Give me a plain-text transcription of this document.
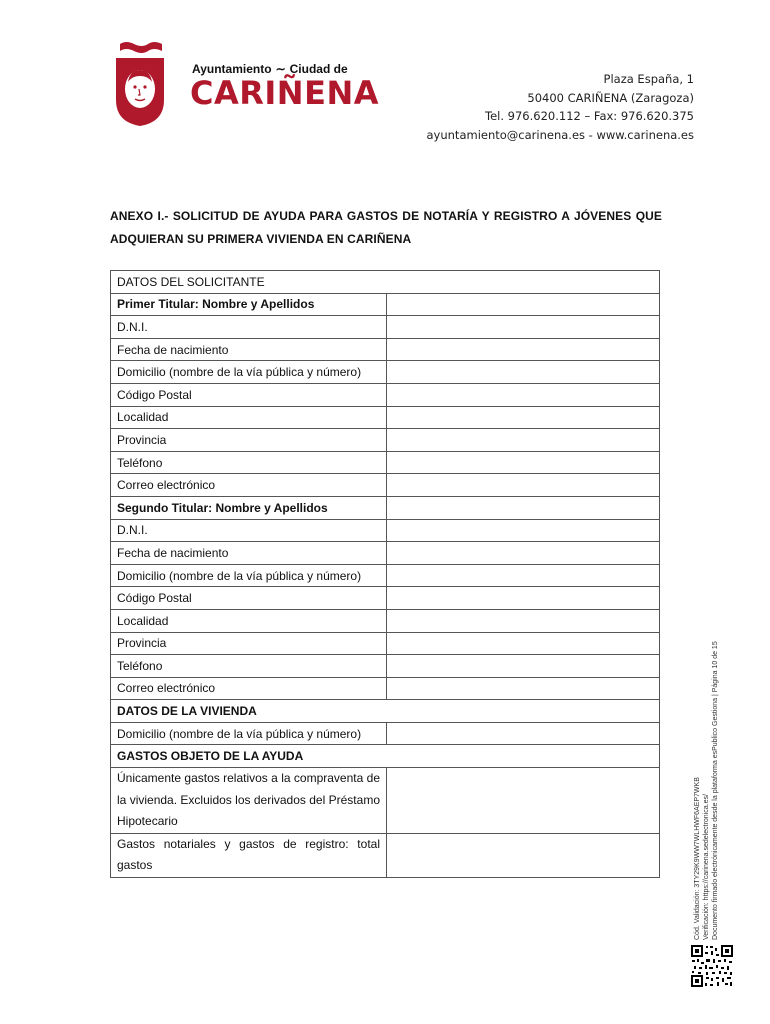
Ayuntamiento ∼ Ciudad de
CARIÑENA	Plaza España, 1
50400 CARIÑENA (Zaragoza)
Tel. 976.620.112 – Fax: 976.620.375
ayuntamiento@carinena.es - www.carinena.es
ANEXO I.- SOLICITUD DE AYUDA PARA GASTOS DE NOTARÍA Y REGISTRO A JÓVENES QUE ADQUIERAN SU PRIMERA VIVIENDA EN CARIÑENA
DATOS DEL SOLICITANTE	
Primer Titular: Nombre y Apellidos	
D.N.I.	
Fecha de nacimiento	
Domicilio (nombre de la vía pública y número)	
Código Postal	
Localidad	
Provincia	
Teléfono	
Correo electrónico	
Segundo Titular: Nombre y Apellidos	
D.N.I.	
Fecha de nacimiento	
Domicilio (nombre de la vía pública y número)	
Código Postal	
Localidad	
Provincia	
Teléfono	
Correo electrónico	
DATOS DE LA VIVIENDA	
Domicilio (nombre de la vía pública y número)	
GASTOS OBJETO DE LA AYUDA	
Únicamente gastos relativos a la compraventa de la vivienda. Excluidos los derivados del Préstamo Hipotecario	
Gastos notariales y gastos de registro: total gastos		Cód. Validación: 3TY29K9WW7WLHWF6AEP7WKB Verificación: https://carinena.sedelectronica.es/ Documento firmado electrónicamente desde la plataforma esPublico Gestiona | Página 10 de 15
